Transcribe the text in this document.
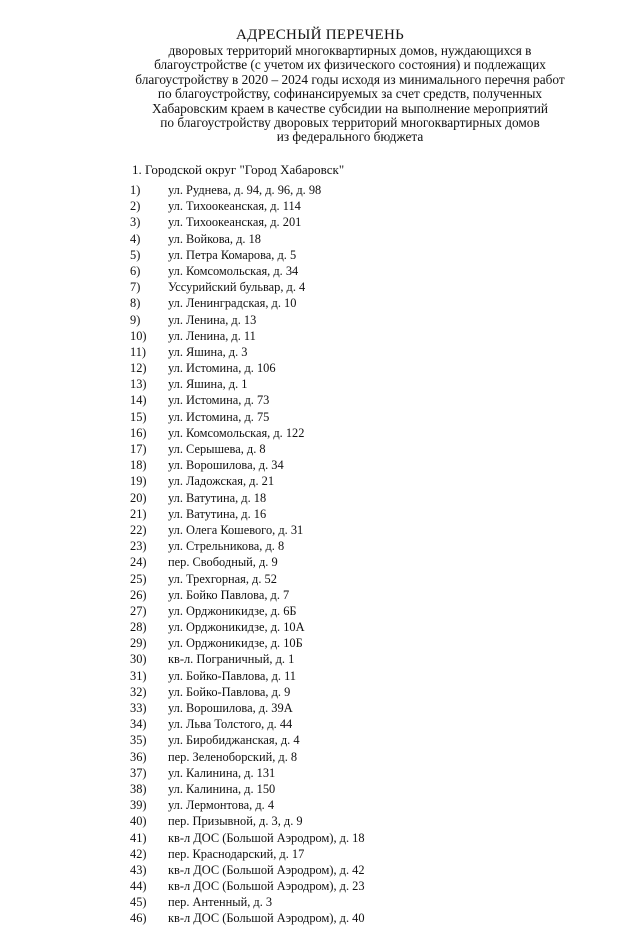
АДРЕСНЫЙ ПЕРЕЧЕНЬ
дворовых территорий многоквартирных домов, нуждающихся в
благоустройстве (с учетом их физического состояния) и подлежащих
благоустройству в 2020 – 2024 годы исходя из минимального перечня работ
по благоустройству, софинансируемых за счет средств, полученных
Хабаровским краем в качестве субсидии на выполнение мероприятий
по благоустройству дворовых территорий многоквартирных домов
из федерального бюджета
1. Городской округ "Город Хабаровск"
1) ул. Руднева, д. 94, д. 96, д. 98
2) ул. Тихоокеанская, д. 114
3) ул. Тихоокеанская, д. 201
4) ул. Войкова, д. 18
5) ул. Петра Комарова, д. 5
6) ул. Комсомольская, д. 34
7) Уссурийский бульвар, д. 4
8) ул. Ленинградская, д. 10
9) ул. Ленина, д. 13
10) ул. Ленина, д. 11
11) ул. Яшина, д. 3
12) ул. Истомина, д. 106
13) ул. Яшина, д. 1
14) ул. Истомина, д. 73
15) ул. Истомина, д. 75
16) ул. Комсомольская, д. 122
17) ул. Серышева, д. 8
18) ул. Ворошилова, д. 34
19) ул. Ладожская, д. 21
20) ул. Ватутина, д. 18
21) ул. Ватутина, д. 16
22) ул. Олега Кошевого, д. 31
23) ул. Стрельникова, д. 8
24) пер. Свободный, д. 9
25) ул. Трехгорная, д. 52
26) ул. Бойко Павлова, д. 7
27) ул. Орджоникидзе, д. 6Б
28) ул. Орджоникидзе, д. 10А
29) ул. Орджоникидзе, д. 10Б
30) кв-л. Пограничный, д. 1
31) ул. Бойко-Павлова, д. 11
32) ул. Бойко-Павлова, д. 9
33) ул. Ворошилова, д. 39А
34) ул. Льва Толстого, д. 44
35) ул. Биробиджанская, д. 4
36) пер. Зеленоборский, д. 8
37) ул. Калинина, д. 131
38) ул. Калинина, д. 150
39) ул. Лермонтова, д. 4
40) пер. Призывной, д. 3, д. 9
41) кв-л ДОС (Большой Аэродром), д. 18
42) пер. Краснодарский, д. 17
43) кв-л ДОС (Большой Аэродром), д. 42
44) кв-л ДОС (Большой Аэродром), д. 23
45) пер. Антенный, д. 3
46) кв-л ДОС (Большой Аэродром), д. 40
